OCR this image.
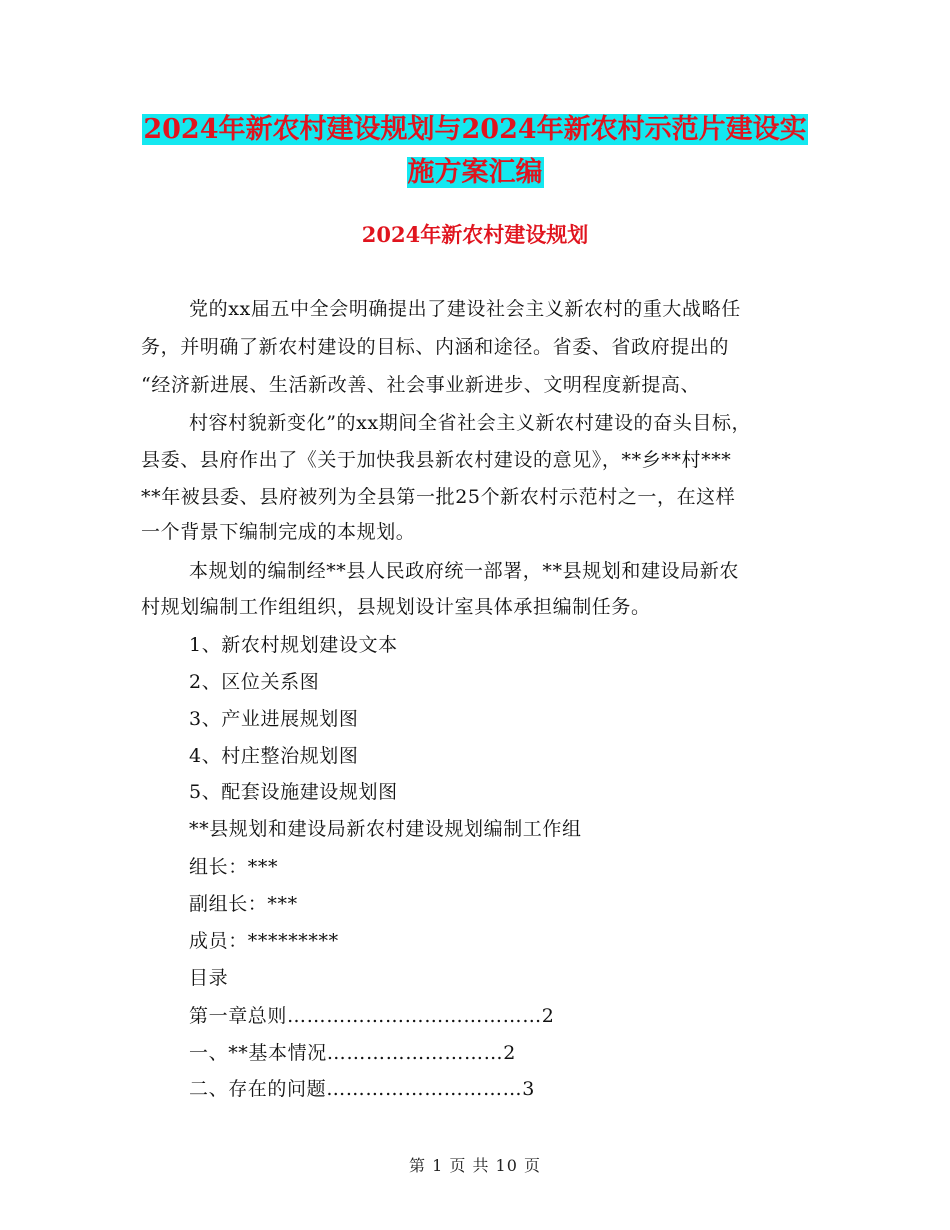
2024年新农村建设规划与2024年新农村示范片建设实
施方案汇编
2024年新农村建设规划
党的xx届五中全会明确提出了建设社会主义新农村的重大战略任
务，并明确了新农村建设的目标、内涵和途径。省委、省政府提出的
“经济新进展、生活新改善、社会事业新进步、文明程度新提高、
村容村貌新变化”的xx期间全省社会主义新农村建设的奋头目标，
县委、县府作出了《关于加快我县新农村建设的意见》，**乡**村***
**年被县委、县府被列为全县第一批25个新农村示范村之一，在这样
一个背景下编制完成的本规划。
本规划的编制经**县人民政府统一部署，**县规划和建设局新农
村规划编制工作组组织，县规划设计室具体承担编制任务。
1、新农村规划建设文本
2、区位关系图
3、产业进展规划图
4、村庄整治规划图
5、配套设施建设规划图
**县规划和建设局新农村建设规划编制工作组
组长：***
副组长：***
成员：*********
目录
第一章总则…………………………………2
一、**基本情况………………………2
二、存在的问题…………………………3
第 1 页 共 10 页
